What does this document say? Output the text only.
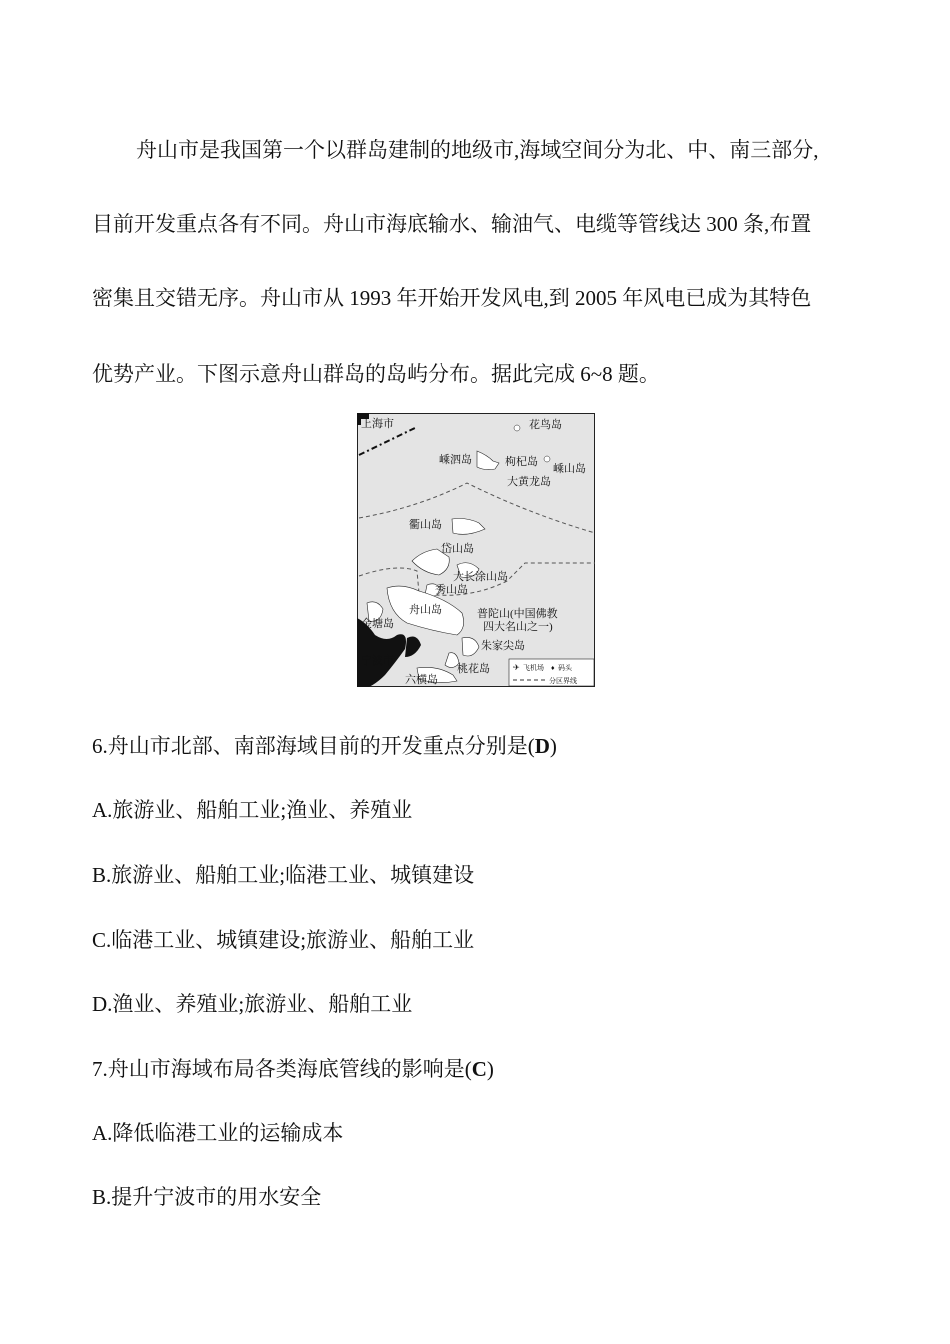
舟山市是我国第一个以群岛建制的地级市,海域空间分为北、中、南三部分,
目前开发重点各有不同。舟山市海底输水、输油气、电缆等管线达 300 条,布置
密集且交错无序。舟山市从 1993 年开始开发风电,到 2005 年风电已成为其特色
优势产业。下图示意舟山群岛的岛屿分布。据此完成 6~8 题。
上海市	花鸟岛
嵊泗岛	枸杞岛
嵊山岛
大黄龙岛
衢山岛
岱山岛
大长涂山岛
秀山岛
舟山岛	普陀山(中国佛教
四大名山之一)
金塘岛
朱家尖岛
宁波市
桃花岛
六横岛
✈ 飞机场 ♦ 码头
分区界线
6.舟山市北部、南部海域目前的开发重点分别是(D)
A.旅游业、船舶工业;渔业、养殖业
B.旅游业、船舶工业;临港工业、城镇建设
C.临港工业、城镇建设;旅游业、船舶工业
D.渔业、养殖业;旅游业、船舶工业
7.舟山市海域布局各类海底管线的影响是(C)
A.降低临港工业的运输成本
B.提升宁波市的用水安全
